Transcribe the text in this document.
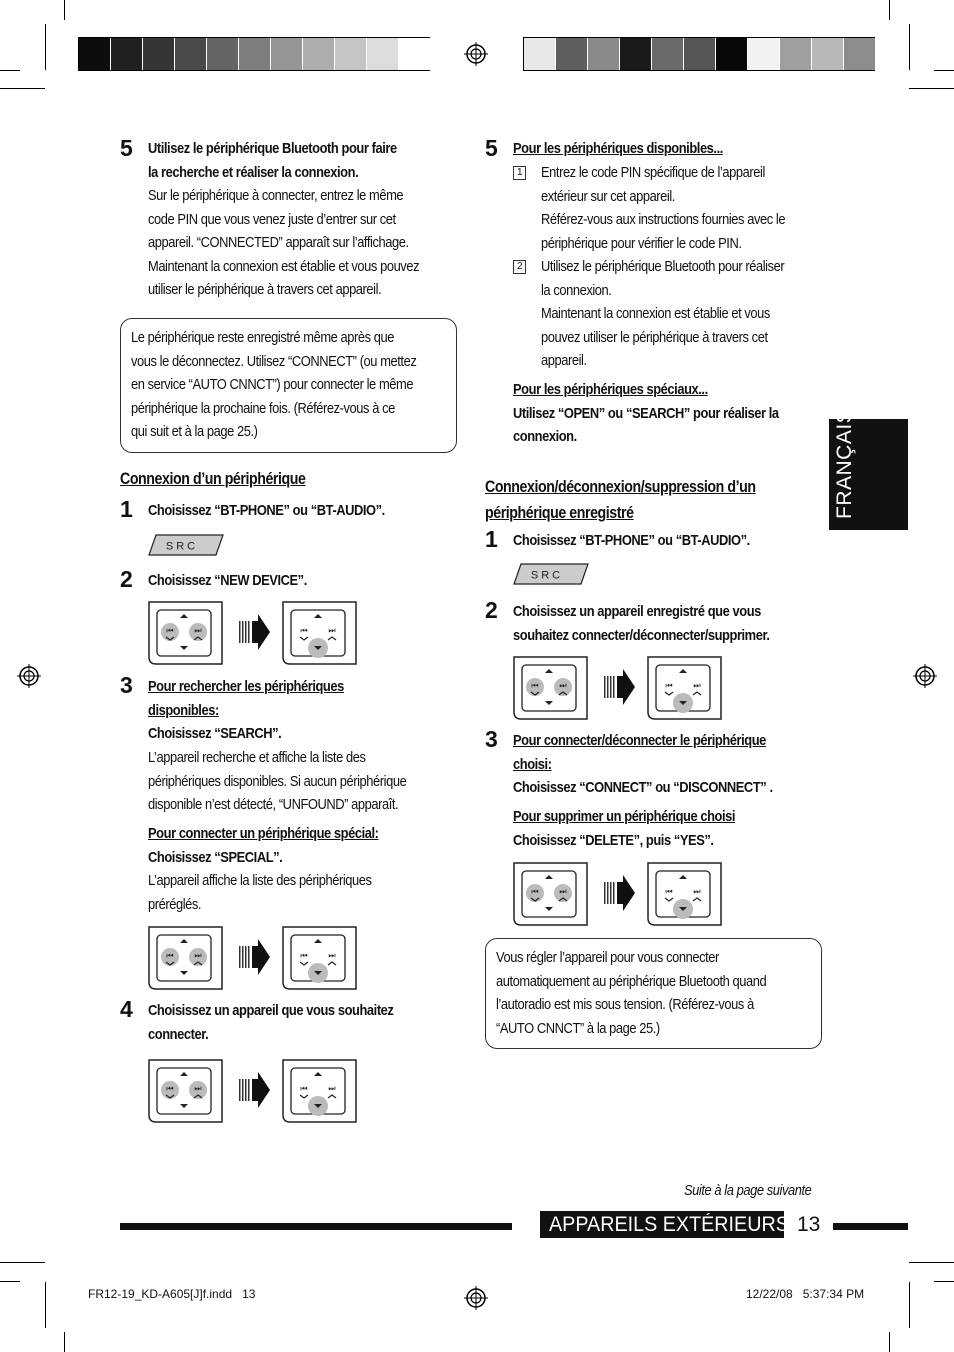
FRANÇAIS
5 Utilisez le périphérique Bluetooth pour faire
la recherche et réaliser la connexion.

Sur le périphérique à connecter, entrez le même
code PIN que vous venez juste d’entrer sur cet
appareil. “CONNECTED” apparaît sur l’affichage.
Maintenant la connexion est établie et vous pouvez
utiliser le périphérique à travers cet appareil.
Le périphérique reste enregistré même après que
vous le déconnectez. Utilisez “CONNECT” (ou mettez
en service “AUTO CNNCT”) pour connecter le même
périphérique la prochaine fois. (Référez-vous à ce
qui suit et à la page 25.)
Connexion d’un périphérique
1 Choisissez “BT-PHONE” ou “BT-AUDIO”.
SRC
2 Choisissez “NEW DEVICE”.
⏮	⏭	⏮	⏭
3 Pour rechercher les périphériques
disponibles:
Choisissez “SEARCH”.
L’appareil recherche et affiche la liste des
périphériques disponibles. Si aucun périphérique
disponible n’est détecté, “UNFOUND” apparaît.
Pour connecter un périphérique spécial:
Choisissez “SPECIAL”.
L’appareil affiche la liste des périphériques
préréglés.
⏮	⏭	⏮	⏭
4 Choisissez un appareil que vous souhaitez
connecter.
⏮	⏭	⏮	⏭
5 Pour les périphériques disponibles...
1 Entrez le code PIN spécifique de l’appareil
extérieur sur cet appareil.
Référez-vous aux instructions fournies avec le
périphérique pour vérifier le code PIN.
2 Utilisez le périphérique Bluetooth pour réaliser
la connexion.
Maintenant la connexion est établie et vous
pouvez utiliser le périphérique à travers cet
appareil.
Pour les périphériques spéciaux...
Utilisez “OPEN” ou “SEARCH” pour réaliser la
connexion.
Connexion/déconnexion/suppression d’un
périphérique enregistré
1 Choisissez “BT-PHONE” ou “BT-AUDIO”.
SRC
2 Choisissez un appareil enregistré que vous
souhaitez connecter/déconnecter/supprimer.
⏮	⏭	⏮	⏭
3 Pour connecter/déconnecter le périphérique
choisi:
Choisissez “CONNECT” ou “DISCONNECT” .
Pour supprimer un périphérique choisi
Choisissez “DELETE”, puis “YES”.
⏮	⏭	⏮	⏭
Vous régler l’appareil pour vous connecter
automatiquement au périphérique Bluetooth quand
l’autoradio est mis sous tension. (Référez-vous à
“AUTO CNNCT” à la page 25.)
Suite à la page suivante
APPAREILS EXTÉRIEURS 13
FR12-19_KD-A605[J]f.indd   13	12/22/08   5:37:34 PM
